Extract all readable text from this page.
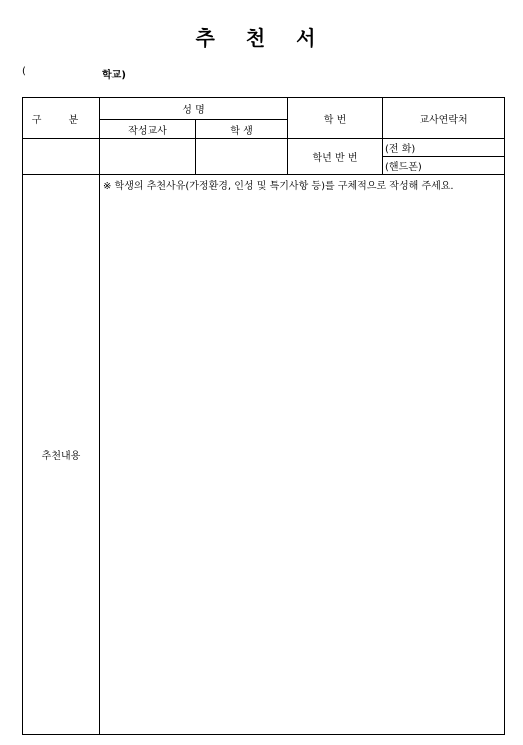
추 천 서
(	학교)
구 분	성 명		학 번	교사연락처
	작성교사	학 생		
			학년 반 번	(전 화)
				(핸드폰)
추천내용	※ 학생의 추천사유(가정환경, 인성 및 특기사항 등)를 구체적으로 작성해 주세요.			
